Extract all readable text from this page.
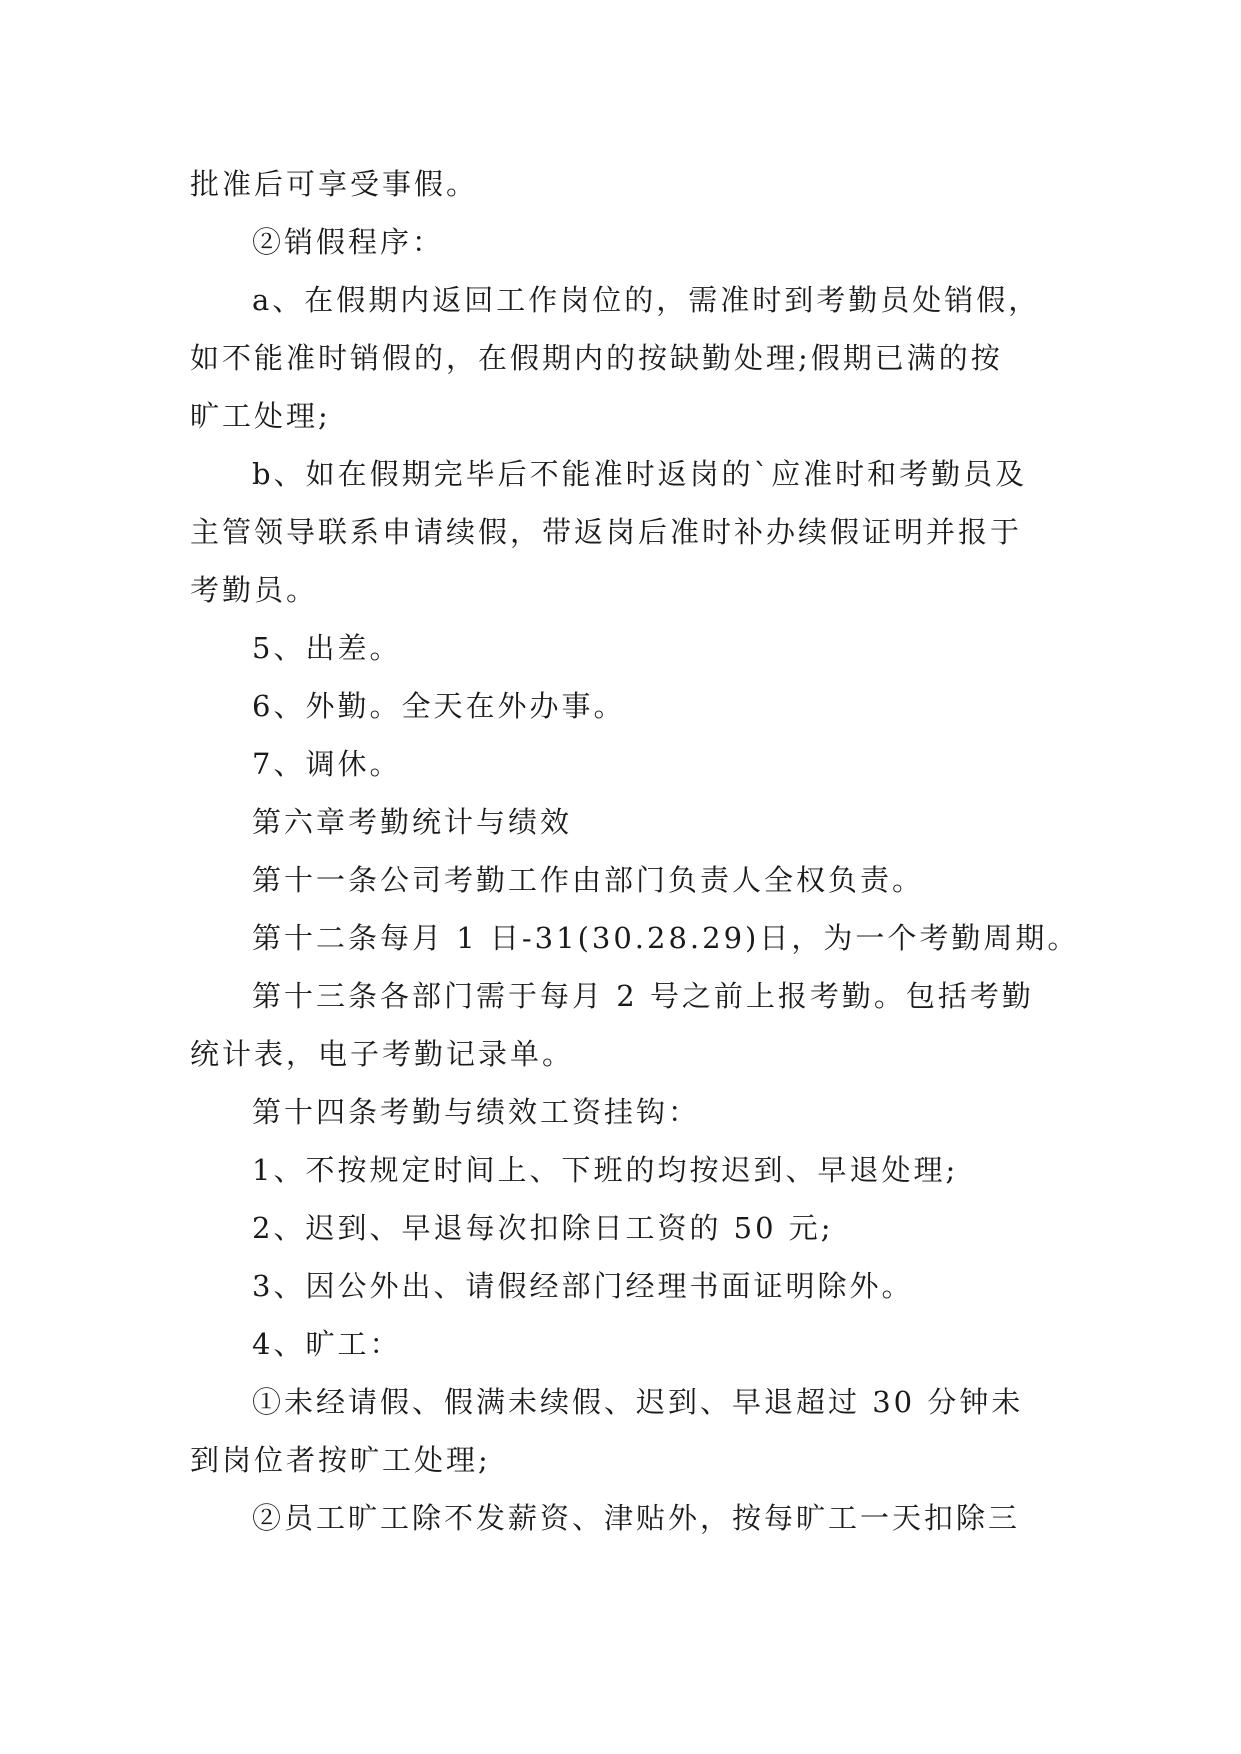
批准后可享受事假。

②销假程序：

a、在假期内返回工作岗位的，需准时到考勤员处销假，

如不能准时销假的，在假期内的按缺勤处理;假期已满的按

旷工处理;

b、如在假期完毕后不能准时返岗的`应准时和考勤员及

主管领导联系申请续假，带返岗后准时补办续假证明并报于

考勤员。

5、出差。

6、外勤。全天在外办事。

7、调休。

第六章考勤统计与绩效

第十一条公司考勤工作由部门负责人全权负责。

第十二条每月 1 日-31(30.28.29)日，为一个考勤周期。

第十三条各部门需于每月 2 号之前上报考勤。包括考勤

统计表，电子考勤记录单。

第十四条考勤与绩效工资挂钩：

1、不按规定时间上、下班的均按迟到、早退处理;

2、迟到、早退每次扣除日工资的 50 元;

3、因公外出、请假经部门经理书面证明除外。

4、旷工：

①未经请假、假满未续假、迟到、早退超过 30 分钟未

到岗位者按旷工处理;

②员工旷工除不发薪资、津贴外，按每旷工一天扣除三
